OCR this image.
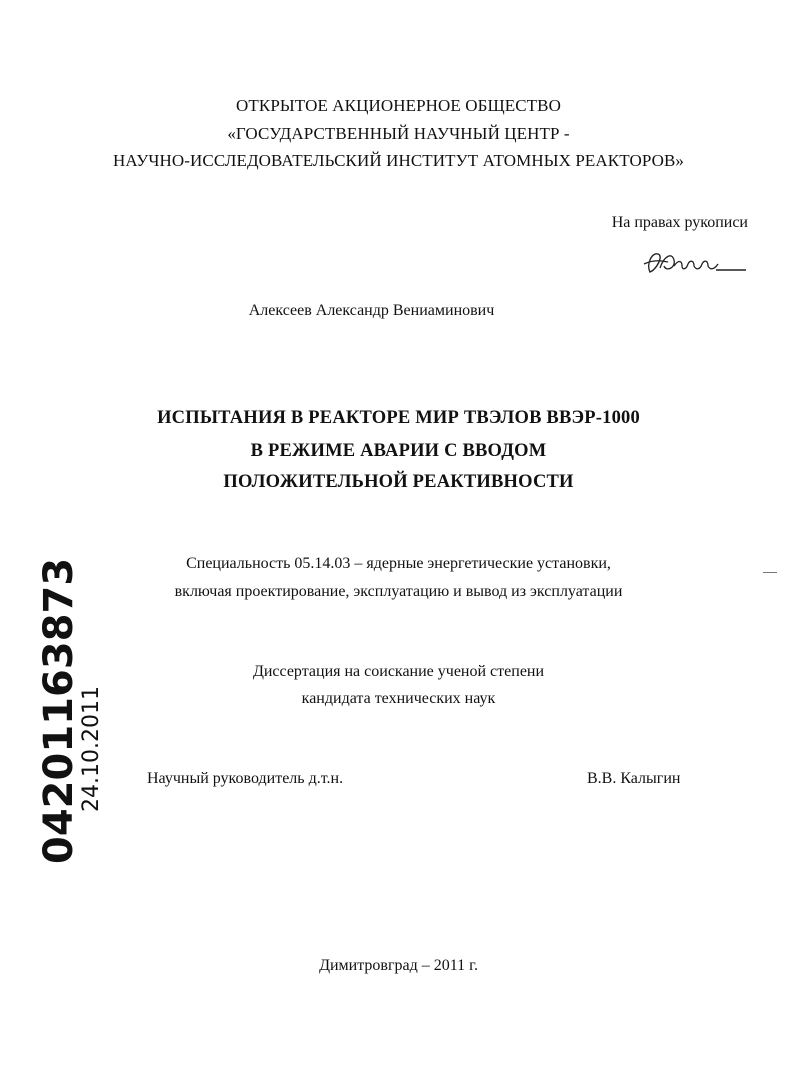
ОТКРЫТОЕ АКЦИОНЕРНОЕ ОБЩЕСТВО
«ГОСУДАРСТВЕННЫЙ НАУЧНЫЙ ЦЕНТР -
НАУЧНО-ИССЛЕДОВАТЕЛЬСКИЙ ИНСТИТУТ АТОМНЫХ РЕАКТОРОВ»
На правах рукописи
Алексеев Александр Вениаминович
ИСПЫТАНИЯ В РЕАКТОРЕ МИР ТВЭЛОВ ВВЭР-1000
В РЕЖИМЕ АВАРИИ С ВВОДОМ
ПОЛОЖИТЕЛЬНОЙ РЕАКТИВНОСТИ
Специальность 05.14.03 – ядерные энергетические установки,
включая проектирование, эксплуатацию и вывод из эксплуатации
Диссертация на соискание ученой степени
кандидата технических наук
Научный руководитель д.т.н.	В.В. Калыгин
Димитровград – 2011 г.
04201163873
24.10.2011
